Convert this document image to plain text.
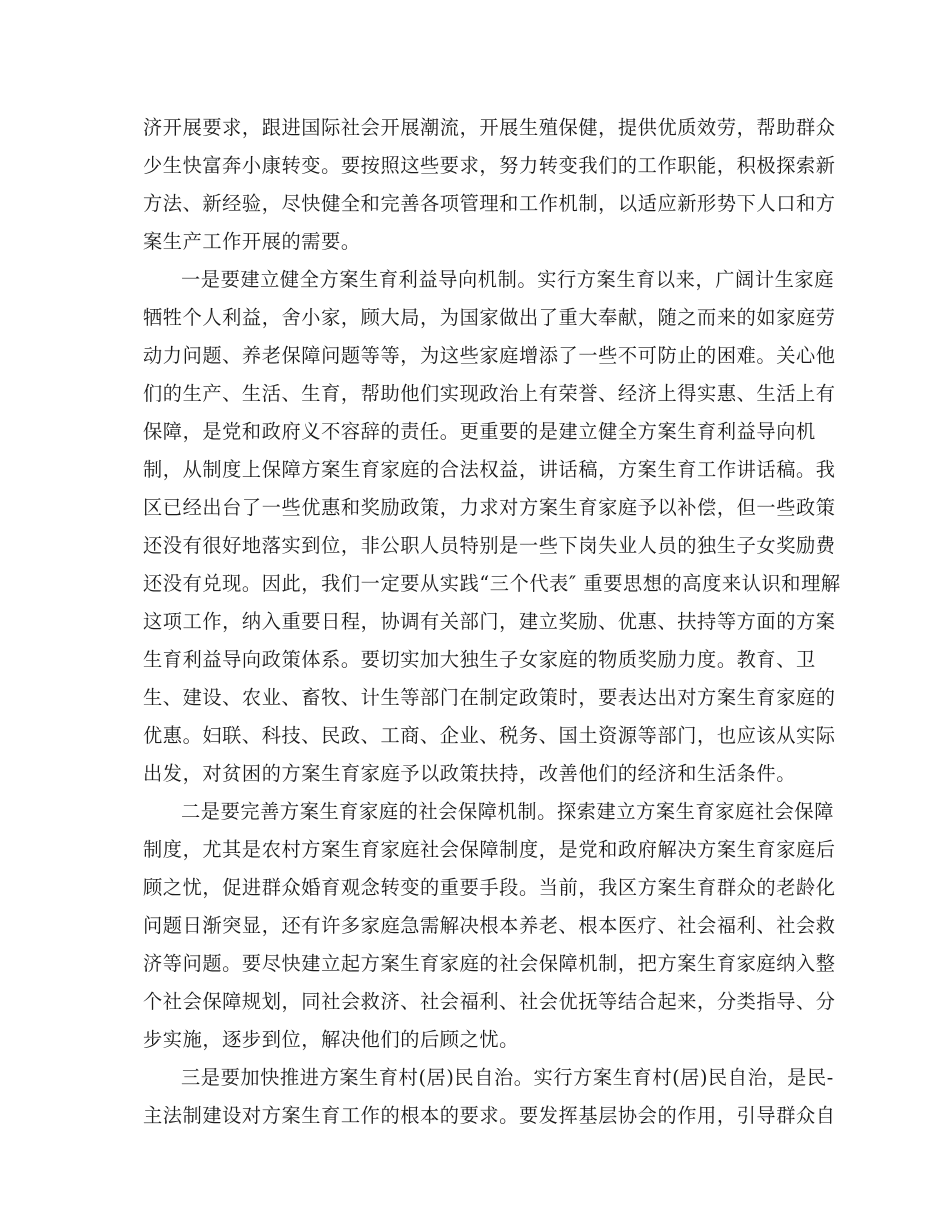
济开展要求，跟进国际社会开展潮流，开展生殖保健，提供优质效劳，帮助群众
少生快富奔小康转变。要按照这些要求，努力转变我们的工作职能，积极探索新
方法、新经验，尽快健全和完善各项管理和工作机制，以适应新形势下人口和方
案生产工作开展的需要。
一是要建立健全方案生育利益导向机制。实行方案生育以来，广阔计生家庭
牺牲个人利益，舍小家，顾大局，为国家做出了重大奉献，随之而来的如家庭劳
动力问题、养老保障问题等等，为这些家庭增添了一些不可防止的困难。关心他
们的生产、生活、生育，帮助他们实现政治上有荣誉、经济上得实惠、生活上有
保障，是党和政府义不容辞的责任。更重要的是建立健全方案生育利益导向机
制，从制度上保障方案生育家庭的合法权益，讲话稿，方案生育工作讲话稿。我
区已经出台了一些优惠和奖励政策，力求对方案生育家庭予以补偿，但一些政策
还没有很好地落实到位，非公职人员特别是一些下岗失业人员的独生子女奖励费
还没有兑现。因此，我们一定要从实践“三个代表″ 重要思想的高度来认识和理解
这项工作，纳入重要日程，协调有关部门，建立奖励、优惠、扶持等方面的方案
生育利益导向政策体系。要切实加大独生子女家庭的物质奖励力度。教育、卫
生、建设、农业、畜牧、计生等部门在制定政策时，要表达出对方案生育家庭的
优惠。妇联、科技、民政、工商、企业、税务、国土资源等部门，也应该从实际
出发，对贫困的方案生育家庭予以政策扶持，改善他们的经济和生活条件。
二是要完善方案生育家庭的社会保障机制。探索建立方案生育家庭社会保障
制度，尤其是农村方案生育家庭社会保障制度，是党和政府解决方案生育家庭后
顾之忧，促进群众婚育观念转变的重要手段。当前，我区方案生育群众的老龄化
问题日渐突显，还有许多家庭急需解决根本养老、根本医疗、社会福利、社会救
济等问题。要尽快建立起方案生育家庭的社会保障机制，把方案生育家庭纳入整
个社会保障规划，同社会救济、社会福利、社会优抚等结合起来，分类指导、分
步实施，逐步到位，解决他们的后顾之忧。
三是要加快推进方案生育村(居)民自治。实行方案生育村(居)民自治，是民-
主法制建设对方案生育工作的根本的要求。要发挥基层协会的作用，引导群众自
